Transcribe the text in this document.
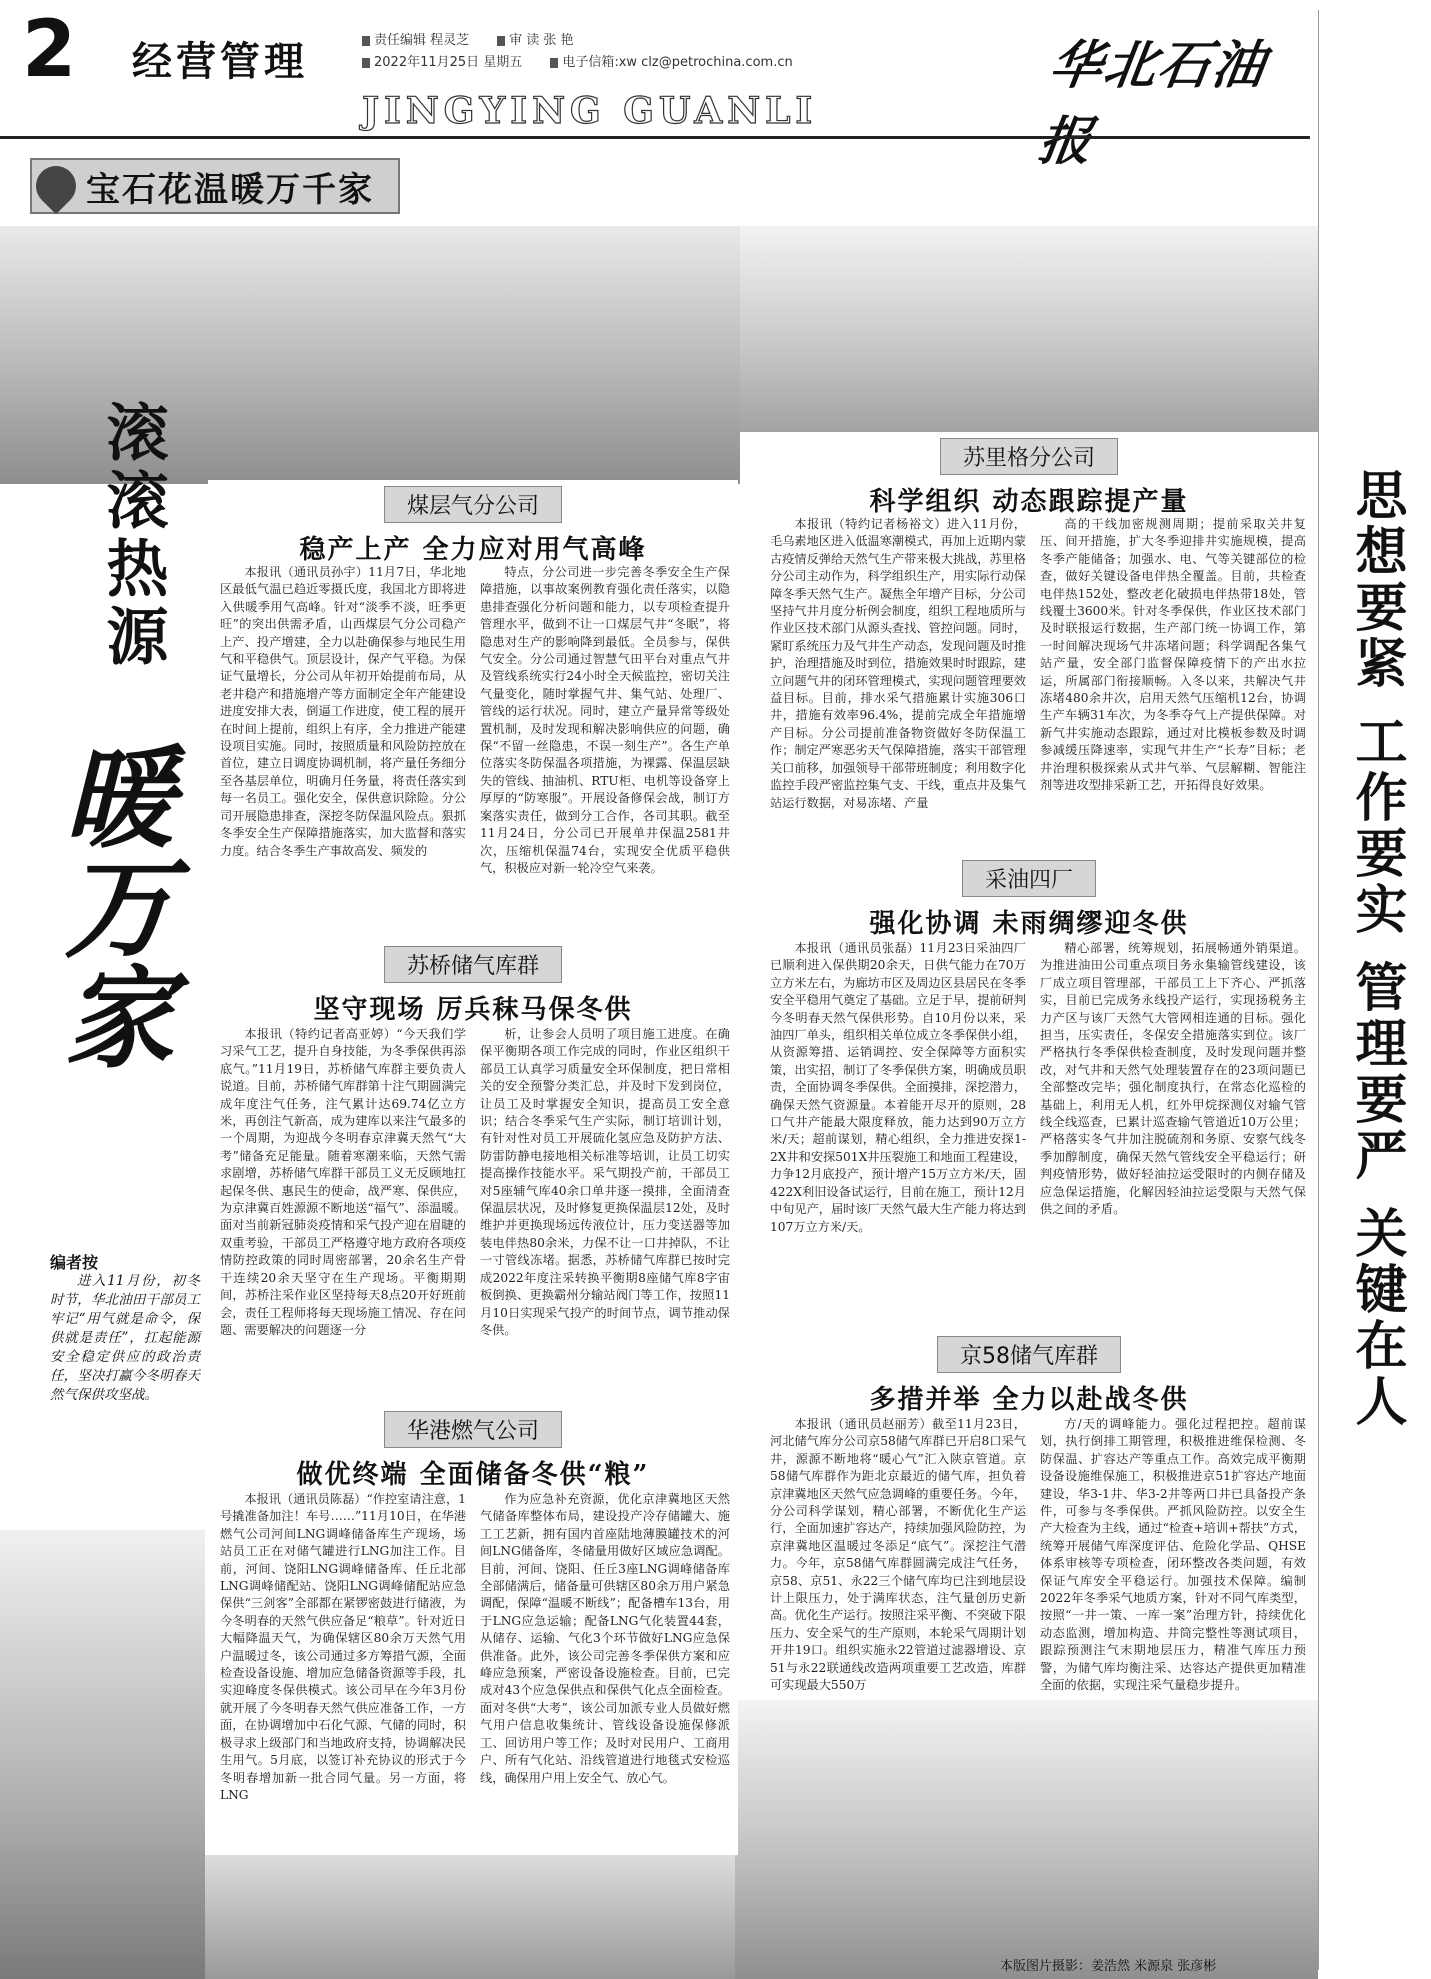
2	经营管理	责任编辑 程灵芝	审 读 张 艳
2022年11月25日 星期五	电子信箱:xw clz@petrochina.com.cn
JINGYING GUANLI
华北石油报
思想要紧 工作要实 管理要严 关键在人
宝石花温暖万千家
滚滚热源
暖万家
编者按
进入11月份，初冬时节，华北油田干部员工牢记“用气就是命令，保供就是责任”，扛起能源安全稳定供应的政治责任，坚决打赢今冬明春天然气保供攻坚战。
煤层气分公司
稳产上产 全力应对用气高峰
本报讯（通讯员孙宇）11月7日，华北地区最低气温已趋近零摄氏度，我国北方即将进入供暖季用气高峰。针对“淡季不淡，旺季更旺”的突出供需矛盾，山西煤层气分公司稳产上产、投产增建，全力以赴确保参与地民生用气和平稳供气。顶层设计，保产气平稳。为保证气量增长，分公司从年初开始提前布局，从老井稳产和措施增产等方面制定全年产能建设进度安排大表，倒逼工作进度，使工程的展开在时间上提前，组织上有序，全力推进产能建设项目实施。同时，按照质量和风险防控放在首位，建立日调度协调机制，将产量任务细分至各基层单位，明确月任务量，将责任落实到每一名员工。强化安全，保供意识除险。分公司开展隐患排查，深挖冬防保温风险点。狠抓冬季安全生产保障措施落实，加大监督和落实力度。结合冬季生产事故高发、频发的
特点，分公司进一步完善冬季安全生产保障措施，以事故案例教育强化责任落实，以隐患排查强化分析问题和能力，以专项检查提升管理水平，做到不让一口煤层气井“冬眠”，将隐患对生产的影响降到最低。全员参与，保供气安全。分公司通过智慧气田平台对重点气井及管线系统实行24小时全天候监控，密切关注气量变化，随时掌握气井、集气站、处理厂、管线的运行状况。同时，建立产量异常等级处置机制，及时发现和解决影响供应的问题，确保“不留一丝隐患，不误一刻生产”。各生产单位落实冬防保温各项措施，为裸露、保温层缺失的管线、抽油机、RTU柜、电机等设备穿上厚厚的“防寒服”。开展设备修保会战，制订方案落实责任，做到分工合作，各司其职。截至11月24日，分公司已开展单井保温2581井次，压缩机保温74台，实现安全优质平稳供气，积极应对新一轮冷空气来袭。
苏桥储气库群
坚守现场 厉兵秣马保冬供
本报讯（特约记者高亚婷）“今天我们学习采气工艺，提升自身技能，为冬季保供再添底气。”11月19日，苏桥储气库群主要负责人说道。目前，苏桥储气库群第十注气期圆满完成年度注气任务，注气累计达69.74亿立方米，再创注气新高，成为建库以来注气最多的一个周期，为迎战今冬明春京津冀天然气“大考”储备充足能量。随着寒潮来临，天然气需求剧增，苏桥储气库群干部员工义无反顾地扛起保冬供、惠民生的使命，战严寒、保供应，为京津冀百姓源源不断地送“福气”、添温暖。面对当前新冠肺炎疫情和采气投产迎在眉睫的双重考验，干部员工严格遵守地方政府各项疫情防控政策的同时周密部署，20余名生产骨干连续20余天坚守在生产现场。平衡期期间，苏桥注采作业区坚持每天8点20开好班前会，责任工程师将每天现场施工情况、存在问题、需要解决的问题逐一分
析，让参会人员明了项目施工进度。在确保平衡期各项工作完成的同时，作业区组织干部员工认真学习质量安全环保制度，把日常相关的安全预警分类汇总，并及时下发到岗位，让员工及时掌握安全知识，提高员工安全意识；结合冬季采气生产实际，制订培训计划，有针对性对员工开展硫化氢应急及防护方法、防雷防静电接地相关标准等培训，让员工切实提高操作技能水平。采气期投产前，干部员工对5座辅气库40余口单井逐一摸排，全面清查保温层状况，及时修复更换保温层12处，及时维护并更换现场远传液位计，压力变送器等加装电伴热80余米，力保不让一口井掉队，不让一寸管线冻堵。据悉，苏桥储气库群已按时完成2022年度注采转换平衡期8座储气库8字宙板倒换、更换霸州分输站阀门等工作，按照11月10日实现采气投产的时间节点，调节推动保冬供。
华港燃气公司
做优终端 全面储备冬供“粮”
本报讯（通讯员陈磊）“作控室请注意，1号撬准备加注！车号……”11月10日，在华港燃气公司河间LNG调峰储备库生产现场，场站员工正在对储气罐进行LNG加注工作。目前，河间、饶阳LNG调峰储备库、任丘北部LNG调峰储配站、饶阳LNG调峰储配站应急保供“三剑客”全部都在紧锣密鼓进行储液，为今冬明春的天然气供应备足“粮草”。针对近日大幅降温天气，为确保辖区80余万天然气用户温暖过冬，该公司通过多方筹措气源，全面检查设备设施、增加应急储备资源等手段，扎实迎峰度冬保供模式。该公司早在今年3月份就开展了今冬明春天然气供应准备工作，一方面，在协调增加中石化气源、气储的同时，积极寻求上级部门和当地政府支持，协调解决民生用气。5月底，以签订补充协议的形式于今冬明春增加新一批合同气量。另一方面，将LNG
作为应急补充资源，优化京津冀地区天然气储备库整体布局，建设投产冷存储罐大、施工工艺新，拥有国内首座陆地薄膜罐技术的河间LNG储备库，冬储量用做好区域应急调配。目前，河间、饶阳、任丘3座LNG调峰储备库全部储满后，储备量可供辖区80余万用户紧急调配，保障“温暖不断线”；配备槽车13台，用于LNG应急运输；配备LNG气化装置44套，从储存、运输、气化3个环节做好LNG应急保供准备。此外，该公司完善冬季保供方案和应峰应急预案，严密设备设施检查。目前，已完成对43个应急保供点和保供气化点全面检查。面对冬供“大考”，该公司加派专业人员做好燃气用户信息收集统计、管线设备设施保修派工、回访用户等工作；及时对民用户、工商用户、所有气化站、沿线管道进行地毯式安检巡线，确保用户用上安全气、放心气。
苏里格分公司
科学组织 动态跟踪提产量
本报讯（特约记者杨裕文）进入11月份，毛乌素地区进入低温寒潮模式，再加上近期内蒙古疫情反弹给天然气生产带来极大挑战，苏里格分公司主动作为，科学组织生产，用实际行动保障冬季天然气生产。凝焦全年增产目标，分公司坚持气井月度分析例会制度，组织工程地质所与作业区技术部门从源头查找、管控问题。同时，紧盯系统压力及气井生产动态，发现问题及时推护，治理措施及时到位，措施效果时时跟踪，建立问题气井的闭环管理模式，实现问题管理要效益目标。目前，排水采气措施累计实施306口井，措施有效率96.4%，提前完成全年措施增产目标。分公司提前准备物资做好冬防保温工作；制定严寒恶劣天气保障措施，落实干部管理关口前移，加强领导干部带班制度；利用数字化监控手段严密监控集气支、干线，重点井及集气站运行数据，对易冻堵、产量
高的干线加密规测周期；提前采取关井复压、间开措施，扩大冬季迎排井实施规模，提高冬季产能储备；加强水、电、气等关键部位的检查，做好关键设备电伴热全覆盖。目前，共检查电伴热152处，整改老化破损电伴热带18处，管线覆土3600米。针对冬季保供，作业区技术部门及时联报运行数据，生产部门统一协调工作，第一时间解决现场气井冻堵问题；科学调配各集气站产量，安全部门监督保障疫情下的产出水拉运，所属部门衔接顺畅。入冬以来，共解决气井冻堵480余井次，启用天然气压缩机12台，协调生产车辆31车次，为冬季夺气上产提供保障。对新气井实施动态跟踪，通过对比模板参数及时调参减缓压降速率，实现气井生产“长寿”目标；老井治理积极探索从式井气举、气层解糊、智能注剂等进攻型排采新工艺，开拓得良好效果。
采油四厂
强化协调 未雨绸缪迎冬供
本报讯（通讯员张磊）11月23日采油四厂已顺利进入保供期20余天，日供气能力在70万立方米左右，为廊坊市区及周边区县居民在冬季安全平稳用气奠定了基础。立足于早，提前研判今冬明春天然气保供形势。自10月份以来，采油四厂单头，组织相关单位成立冬季保供小组，从资源筹措、运销调控、安全保障等方面积实策，出实招，制订了冬季保供方案，明确成员职责，全面协调冬季保供。全面摸排，深挖潜力，确保天然气资源量。本着能开尽开的原则，28口气井产能最大限度释放，能力达到90万立方米/天；超前谋划，精心组织，全力推进安探1-2X井和安探501X井压裂施工和地面工程建设，力争12月底投产，预计增产15万立方米/天，固422X利旧设备试运行，目前在施工，预计12月中旬见产，届时该厂天然气最大生产能力将达到107万立方米/天。
精心部署，统筹规划，拓展畅通外销渠道。为推进油田公司重点项目务永集输管线建设，该厂成立项目管理部，干部员工上下齐心、严抓落实，目前已完成务永线投产运行，实现扬税务主力产区与该厂天然气大管网相连通的目标。强化担当，压实责任，冬保安全措施落实到位。该厂严格执行冬季保供检查制度，及时发现问题并整改，对气井和天然气处理装置存在的23项问题已全部整改完毕；强化制度执行，在常态化巡检的基础上，利用无人机，红外甲烷探测仪对输气管线全线巡查，已累计巡查输气管道近10万公里；严格落实冬气井加注脱硫剂和务原、安察气线冬季加醇制度，确保天然气管线安全平稳运行；研判疫情形势，做好轻油拉运受限时的内侧存储及应急保运措施，化解因轻油拉运受限与天然气保供之间的矛盾。
京58储气库群
多措并举 全力以赴战冬供
本报讯（通讯员赵丽芳）截至11月23日，河北储气库分公司京58储气库群已开启8口采气井，源源不断地将“暖心气”汇入陕京管道。京58储气库群作为距北京最近的储气库，担负着京津冀地区天然气应急调峰的重要任务。今年，分公司科学谋划，精心部署，不断优化生产运行，全面加速扩容达产，持续加强风险防控，为京津冀地区温暖过冬添足“底气”。深挖注气潜力。今年，京58储气库群圆满完成注气任务，京58、京51、永22三个储气库均已注到地层设计上限压力，处于满库状态，注气量创历史新高。优化生产运行。按照注采平衡、不突破下限压力、安全采气的生产原则，本轮采气周期计划开井19口。组织实施永22管道过滤器增设、京51与永22联通线改造两项重要工艺改造，库群可实现最大550万
方/天的调峰能力。强化过程把控。超前谋划，执行倒排工期管理，积极推进维保检测、冬防保温、扩容达产等重点工作。高效完成平衡期设备设施维保施工，积极推进京51扩容达产地面建设，华3-1井、华3-2井等两口井已具备投产条件，可参与冬季保供。严抓风险防控。以安全生产大检查为主线，通过“检查+培训+帮扶”方式，统筹开展储气库深度评估、危险化学品、QHSE体系审核等专项检查，闭环整改各类问题，有效保证气库安全平稳运行。加强技术保障。编制2022年冬季采气地质方案，针对不同气库类型，按照“一井一策、一库一案”治理方针，持续优化动态监测，增加构造、井筒完整性等测试项目，跟踪预测注气末期地层压力，精准气库压力预警，为储气库均衡注采、达容达产提供更加精准全面的依据，实现注采气量稳步提升。
本版图片摄影：姜浩然 米源泉 张彦彬
